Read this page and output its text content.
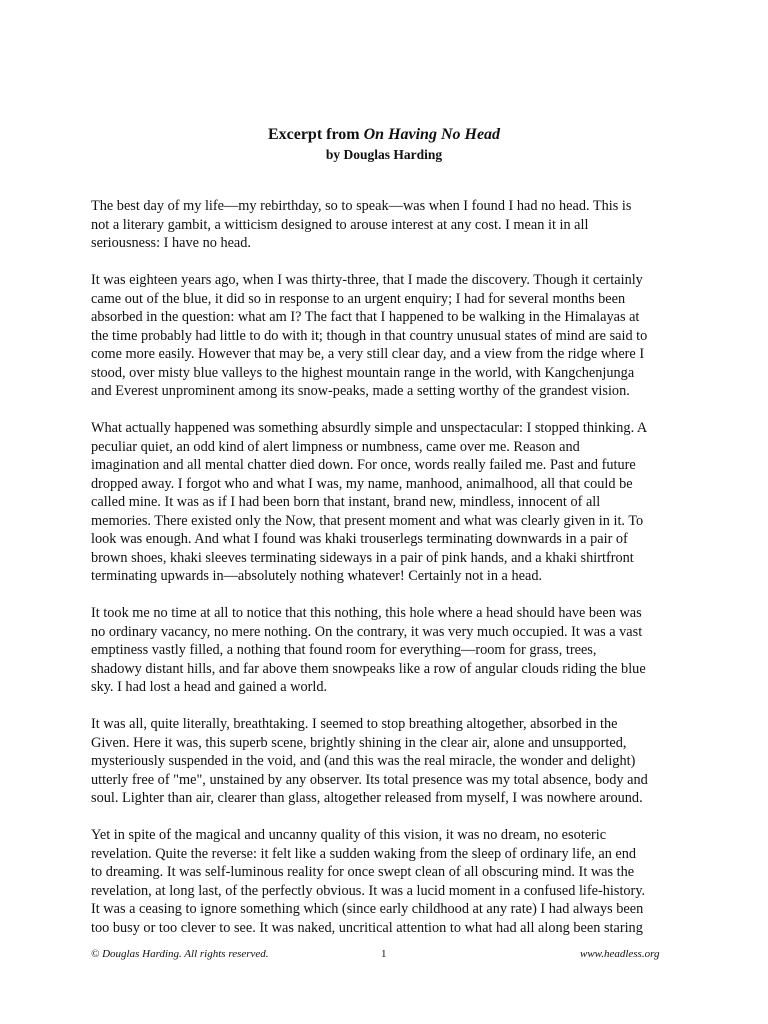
Excerpt from On Having No Head
by Douglas Harding

The best day of my life—my rebirthday, so to speak—was when I found I had no head. This is
not a literary gambit, a witticism designed to arouse interest at any cost. I mean it in all
seriousness: I have no head.

It was eighteen years ago, when I was thirty-three, that I made the discovery. Though it certainly
came out of the blue, it did so in response to an urgent enquiry; I had for several months been
absorbed in the question: what am I? The fact that I happened to be walking in the Himalayas at
the time probably had little to do with it; though in that country unusual states of mind are said to
come more easily. However that may be, a very still clear day, and a view from the ridge where I
stood, over misty blue valleys to the highest mountain range in the world, with Kangchenjunga
and Everest unprominent among its snow-peaks, made a setting worthy of the grandest vision.

What actually happened was something absurdly simple and unspectacular: I stopped thinking. A
peculiar quiet, an odd kind of alert limpness or numbness, came over me. Reason and
imagination and all mental chatter died down. For once, words really failed me. Past and future
dropped away. I forgot who and what I was, my name, manhood, animalhood, all that could be
called mine. It was as if I had been born that instant, brand new, mindless, innocent of all
memories. There existed only the Now, that present moment and what was clearly given in it. To
look was enough. And what I found was khaki trouserlegs terminating downwards in a pair of
brown shoes, khaki sleeves terminating sideways in a pair of pink hands, and a khaki shirtfront
terminating upwards in—absolutely nothing whatever! Certainly not in a head.

It took me no time at all to notice that this nothing, this hole where a head should have been was
no ordinary vacancy, no mere nothing. On the contrary, it was very much occupied. It was a vast
emptiness vastly filled, a nothing that found room for everything—room for grass, trees,
shadowy distant hills, and far above them snowpeaks like a row of angular clouds riding the blue
sky. I had lost a head and gained a world.

It was all, quite literally, breathtaking. I seemed to stop breathing altogether, absorbed in the
Given. Here it was, this superb scene, brightly shining in the clear air, alone and unsupported,
mysteriously suspended in the void, and (and this was the real miracle, the wonder and delight)
utterly free of "me", unstained by any observer. Its total presence was my total absence, body and
soul. Lighter than air, clearer than glass, altogether released from myself, I was nowhere around.

Yet in spite of the magical and uncanny quality of this vision, it was no dream, no esoteric
revelation. Quite the reverse: it felt like a sudden waking from the sleep of ordinary life, an end
to dreaming. It was self-luminous reality for once swept clean of all obscuring mind. It was the
revelation, at long last, of the perfectly obvious. It was a lucid moment in a confused life-history.
It was a ceasing to ignore something which (since early childhood at any rate) I had always been
too busy or too clever to see. It was naked, uncritical attention to what had all along been staring

© Douglas Harding. All rights reserved.	1	www.headless.org
